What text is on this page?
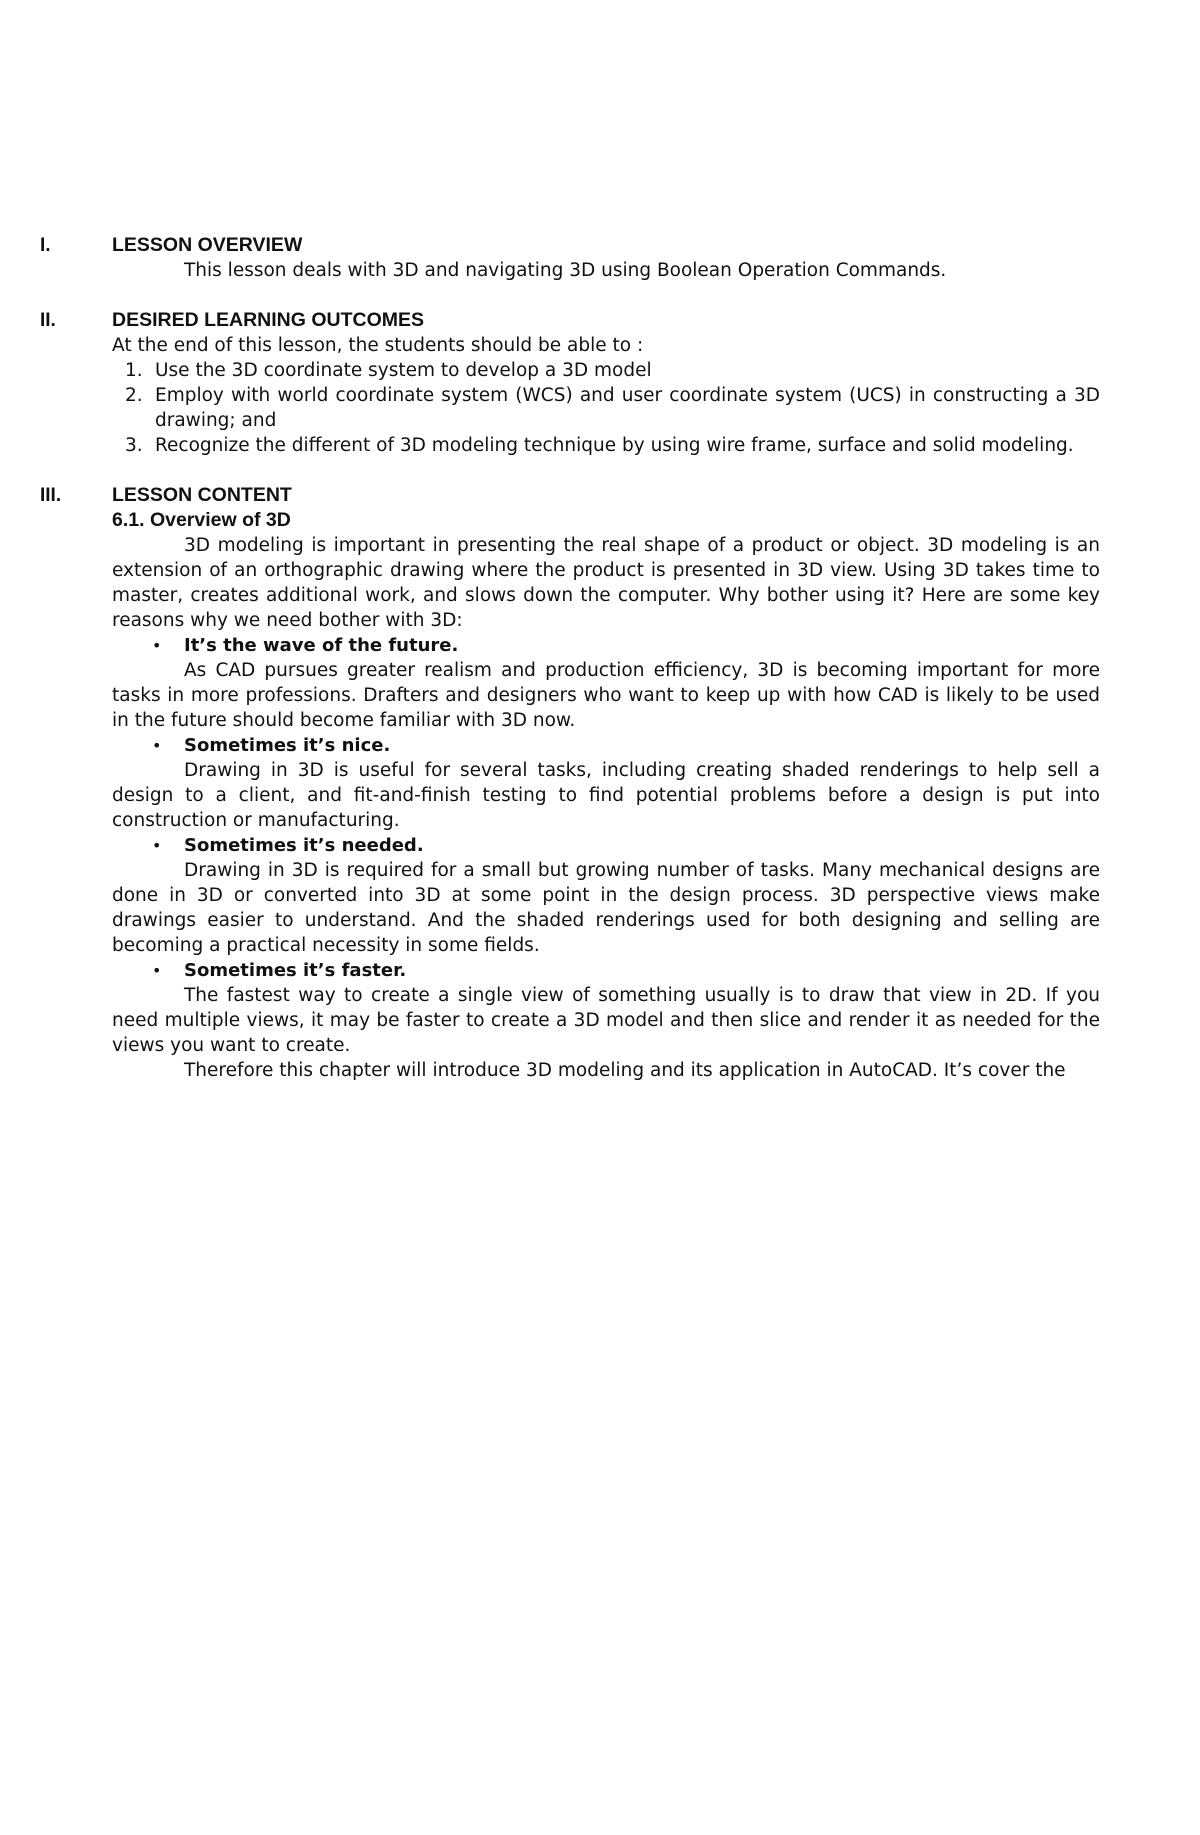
I.	LESSON OVERVIEW

This lesson deals with 3D and navigating 3D using Boolean Operation Commands.

II.	DESIRED LEARNING OUTCOMES

At the end of this lesson, the students should be able to :

1. Use the 3D coordinate system to develop a 3D model
2. Employ with world coordinate system (WCS) and user coordinate system (UCS) in constructing a 3D drawing; and
3. Recognize the different of 3D modeling technique by using wire frame, surface and solid modeling.
III.	LESSON CONTENT

6.1. Overview of 3D

3D modeling is important in presenting the real shape of a product or object. 3D modeling is an extension of an orthographic drawing where the product is presented in 3D view. Using 3D takes time to master, creates additional work, and slows down the computer. Why bother using it? Here are some key reasons why we need bother with 3D:

•	It’s the wave of the future.

As CAD pursues greater realism and production efficiency, 3D is becoming important for more tasks in more professions. Drafters and designers who want to keep up with how CAD is likely to be used in the future should become familiar with 3D now.

•	Sometimes it’s nice.

Drawing in 3D is useful for several tasks, including creating shaded renderings to help sell a design to a client, and fit-and-finish testing to find potential problems before a design is put into construction or manufacturing.

•	Sometimes it’s needed.

Drawing in 3D is required for a small but growing number of tasks. Many mechanical designs are done in 3D or converted into 3D at some point in the design process. 3D perspective views make drawings easier to understand. And the shaded renderings used for both designing and selling are becoming a practical necessity in some fields.

•	Sometimes it’s faster.

The fastest way to create a single view of something usually is to draw that view in 2D. If you need multiple views, it may be faster to create a 3D model and then slice and render it as needed for the views you want to create.

Therefore this chapter will introduce 3D modeling and its application in AutoCAD. It’s cover the
